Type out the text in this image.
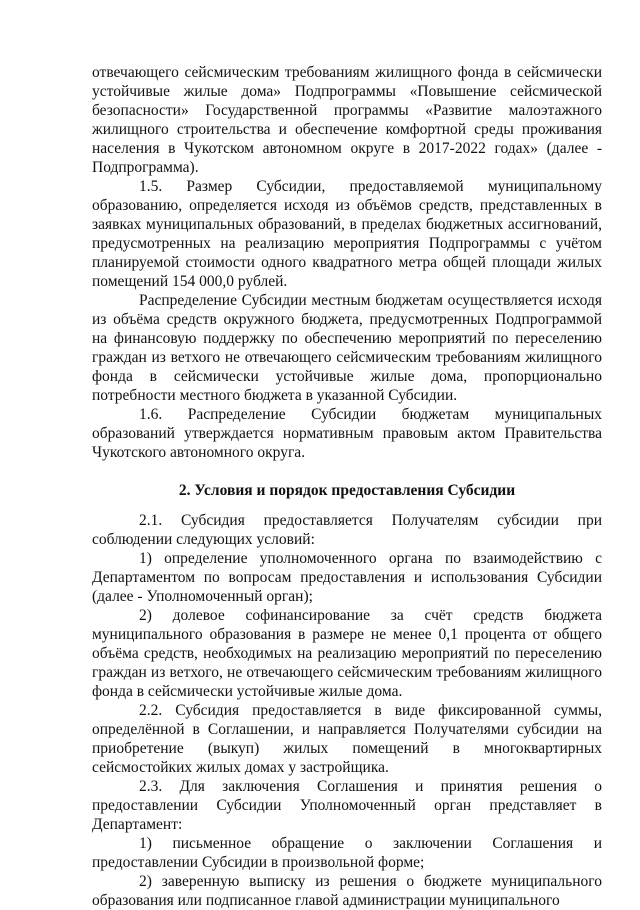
отвечающего сейсмическим требованиям жилищного фонда в сейсмически устойчивые жилые дома» Подпрограммы «Повышение сейсмической безопасности» Государственной программы «Развитие малоэтажного жилищного строительства и обеспечение комфортной среды проживания населения в Чукотском автономном округе в 2017-2022 годах» (далее - Подпрограмма).

1.5. Размер Субсидии, предоставляемой муниципальному образованию, определяется исходя из объёмов средств, представленных в заявках муниципальных образований, в пределах бюджетных ассигнований, предусмотренных на реализацию мероприятия Подпрограммы с учётом планируемой стоимости одного квадратного метра общей площади жилых помещений 154 000,0 рублей.

Распределение Субсидии местным бюджетам осуществляется исходя из объёма средств окружного бюджета, предусмотренных Подпрограммой на финансовую поддержку по обеспечению мероприятий по переселению граждан из ветхого не отвечающего сейсмическим требованиям жилищного фонда в сейсмически устойчивые жилые дома, пропорционально потребности местного бюджета в указанной Субсидии.

1.6. Распределение Субсидии бюджетам муниципальных образований утверждается нормативным правовым актом Правительства Чукотского автономного округа.

2. Условия и порядок предоставления Субсидии

2.1. Субсидия предоставляется Получателям субсидии при соблюдении следующих условий:

1) определение уполномоченного органа по взаимодействию с Департаментом по вопросам предоставления и использования Субсидии (далее - Уполномоченный орган);

2) долевое софинансирование за счёт средств бюджета муниципального образования в размере не менее 0,1 процента от общего объёма средств, необходимых на реализацию мероприятий по переселению граждан из ветхого, не отвечающего сейсмическим требованиям жилищного фонда в сейсмически устойчивые жилые дома.

2.2. Субсидия предоставляется в виде фиксированной суммы, определённой в Соглашении, и направляется Получателями субсидии на приобретение (выкуп) жилых помещений в многоквартирных сейсмостойких жилых домах у застройщика.

2.3. Для заключения Соглашения и принятия решения о предоставлении Субсидии Уполномоченный орган представляет в Департамент:

1) письменное обращение о заключении Соглашения и предоставлении Субсидии в произвольной форме;

2) заверенную выписку из решения о бюджете муниципального образования или подписанное главой администрации муниципального
